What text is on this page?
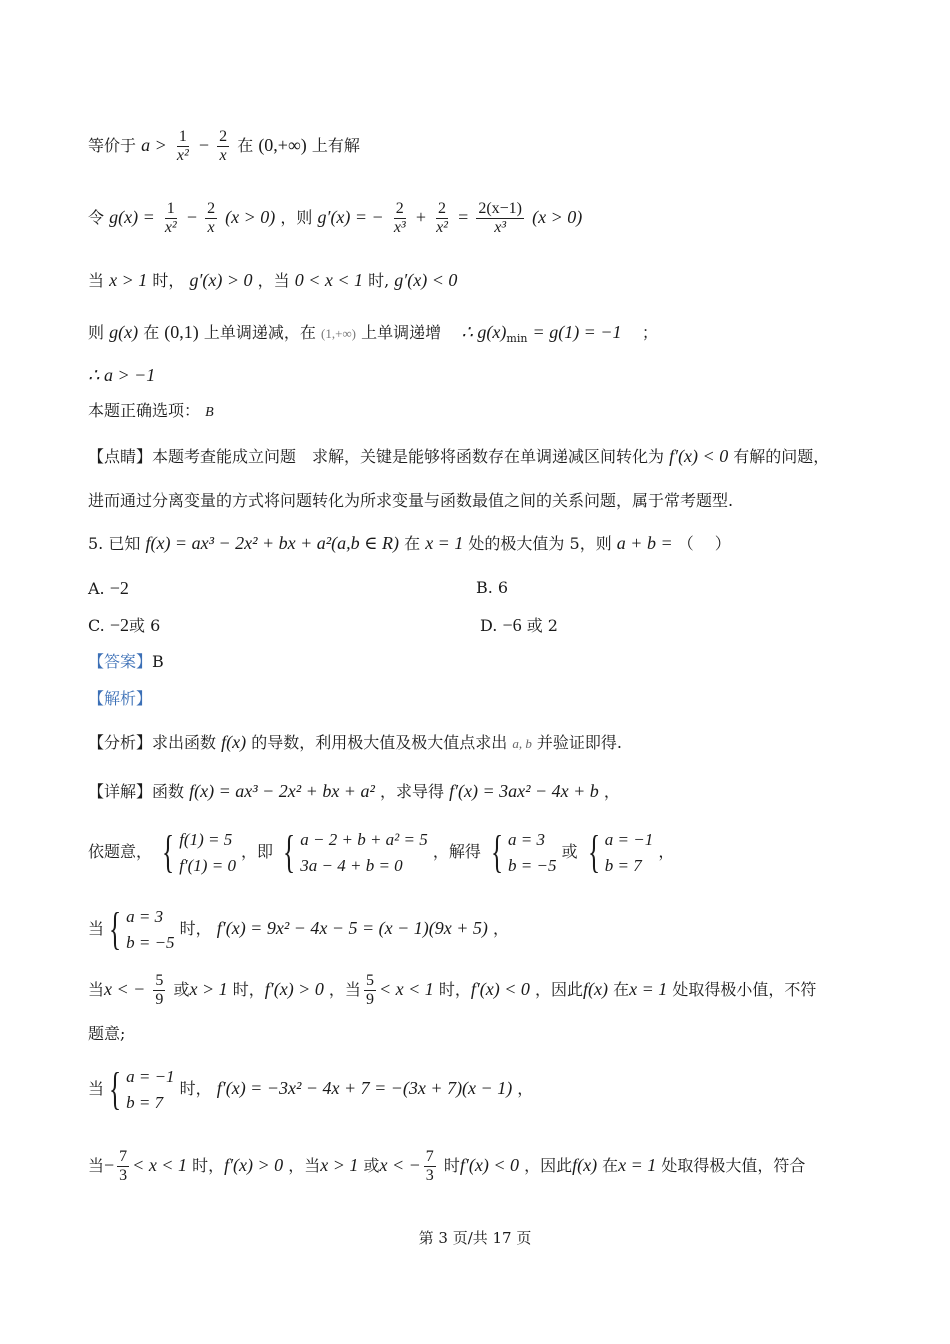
等价于 $a > \frac{1}{\text{x²}} - \frac{2}{x}$ 在 (0,+∞) 上有解
令 $g(x) = \frac{1}{\text{x²}} - \frac{2}{x} (x > 0)$ ，则 g′(x) = − $\frac{2}{\text{x³}} + \frac{2}{\text{x²}} = \frac{2(x-1)}{\text{x³}} (x > 0)$
当 x > 1 时， g′(x) > 0 ，当 0 < x < 1 时, g′(x) < 0
则 g(x) 在 (0,1) 上单调递减，在 (1,+∞) 上单调递增 ∴ $g(x)_{min} = g(1) = -1$ ；
∴ a > −1
本题正确选项： B
【点睛】本题考查能成立问题　求解，关键是能够将函数存在单调递减区间转化为 f′(x) < 0 有解的问题，
进而通过分离变量的方式将问题转化为所求变量与函数最值之间的关系问题，属于常考题型.
5. 已知 f(x) = ax³ − 2x² + bx + a²(a,b ∈ R) 在 x = 1 处的极大值为 5，则 a + b = （　 ）
A. −2	B. 6
C. −2或 6	D. −6 或 2
【答案】B
【解析】
【分析】求出函数 f(x) 的导数，利用极大值及极大值点求出 a, b 并验证即得.
【详解】函数 f(x) = ax³ − 2x² + bx + a² ，求导得 f′(x) = 3ax² − 4x + b ，
依题意， { f(1) = 5
f′(1) = 0
，即 { a − 2 + b + a² = 5
3a − 4 + b = 0
，解得 { a = 3
b = −5
或 { a = −1
b = 7
，
当 { a = 3
b = −5
时， f′(x) = 9x² − 4x − 5 = (x − 1)(9x + 5) ，
当x < − $\frac{5}{9}$ 或x > 1 时，f′(x) > 0 ，当 $\frac{5}{9} < x < 1$ 时，f′(x) < 0 ，因此f(x) 在x = 1 处取得极小值，不符
题意;
当 { a = −1
b = 7
时， f′(x) = −3x² − 4x + 7 = −(3x + 7)(x − 1) ，
当− $\frac{7}{3} < x < 1$ 时，f′(x) > 0 ，当x > 1 或x < − $\frac{7}{3}$ 时f′(x) < 0 ，因此f(x) 在x = 1 处取得极大值，符合
第 3 页/共 17 页
